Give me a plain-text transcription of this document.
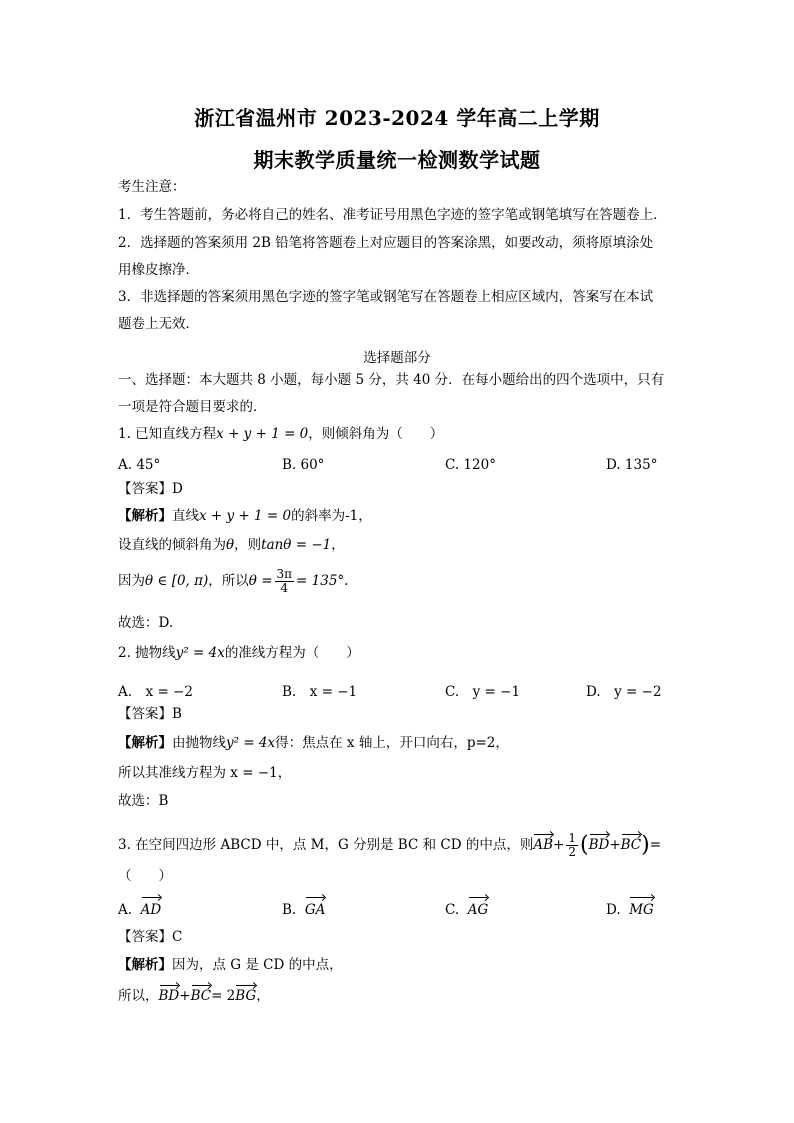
浙江省温州市 2023-2024 学年高二上学期
期末教学质量统一检测数学试题
考生注意：
1．考生答题前，务必将自己的姓名、准考证号用黑色字迹的签字笔或钢笔填写在答题卷上．
2．选择题的答案须用 2B 铅笔将答题卷上对应题目的答案涂黑，如要改动，须将原填涂处
用橡皮擦净．
3．非选择题的答案须用黑色字迹的签字笔或钢笔写在答题卷上相应区域内，答案写在本试
题卷上无效．
选择题部分
一、选择题：本大题共 8 小题，每小题 5 分，共 40 分．在每小题给出的四个选项中，只有
一项是符合题目要求的．
1. 已知直线方程x + y + 1 = 0，则倾斜角为（　　）
A. 45°	B. 60°	C. 120°	D. 135°
【答案】D
【解析】直线x + y + 1 = 0的斜率为-1，
设直线的倾斜角为θ，则tanθ = −1，
因为θ ∈ [0, π)，所以$\theta = \frac{3\pi}{4} = 135^\circ$.
故选：D.
2. 抛物线y² = 4x的准线方程为（　　）
A.　x = −2	B.　x = −1	C.　y = −1	D.　y = −2
【答案】B
【解析】由抛物线y² = 4x得：焦点在 x 轴上，开口向右，p=2，
所以其准线方程为 x = −1，
故选：B
3. 在空间四边形 ABCD 中，点 M，G 分别是 BC 和 CD 的中点，则$AB+ \frac{1}{2} (BD+BC)=$
（　　）
A. AD	B. GA	C. AG	D. MG
【答案】C
【解析】因为，点 G 是 CD 的中点，
所以，BD+BC= 2BG，
